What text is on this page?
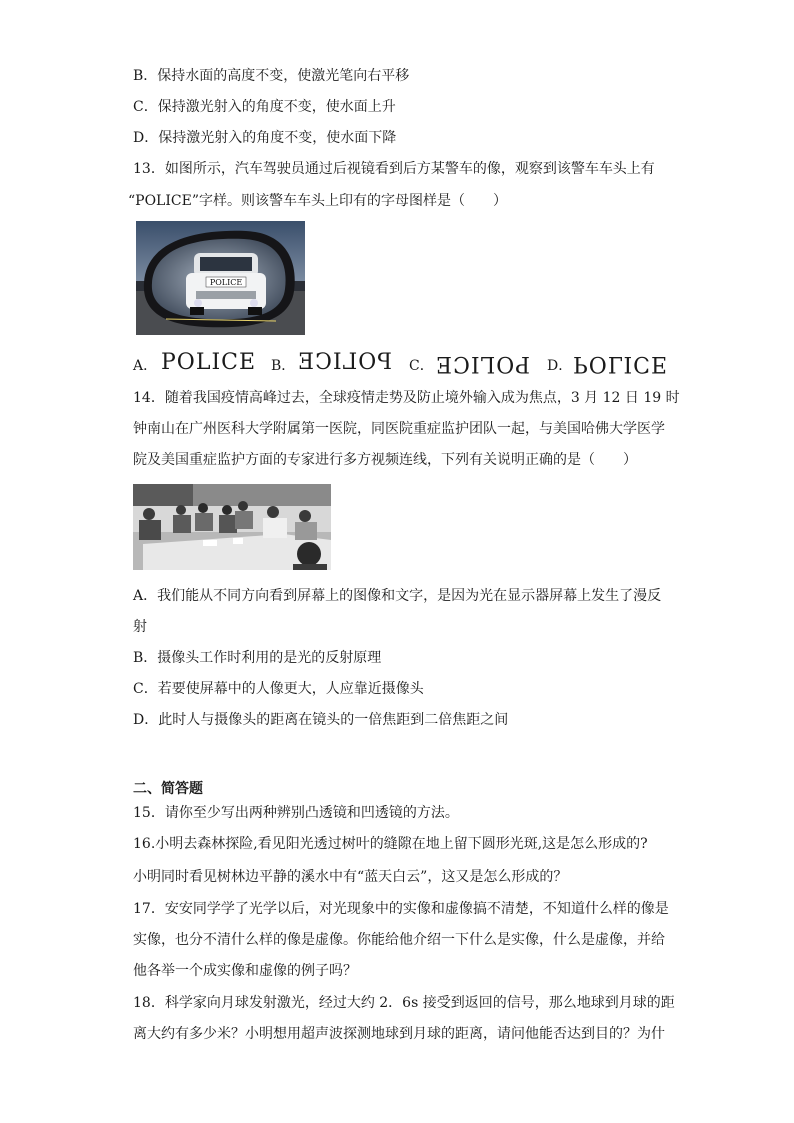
B．保持水面的高度不变，使激光笔向右平移
C．保持激光射入的角度不变，使水面上升
D．保持激光射入的角度不变，使水面下降
13．如图所示，汽车驾驶员通过后视镜看到后方某警车的像，观察到该警车车头上有
“POLICE”字样。则该警车车头上印有的字母图样是（　　）
POLICE
A． POLICE B． POLICE C． POLICE D． POLICE
14．随着我国疫情高峰过去，全球疫情走势及防止境外输入成为焦点，3 月 12 日 19 时
钟南山在广州医科大学附属第一医院，同医院重症监护团队一起，与美国哈佛大学医学
院及美国重症监护方面的专家进行多方视频连线，下列有关说明正确的是（　　）
A．我们能从不同方向看到屏幕上的图像和文字，是因为光在显示器屏幕上发生了漫反
射
B．摄像头工作时利用的是光的反射原理
C．若要使屏幕中的人像更大，人应靠近摄像头
D．此时人与摄像头的距离在镜头的一倍焦距到二倍焦距之间
二、简答题
15．请你至少写出两种辨别凸透镜和凹透镜的方法。
16.小明去森林探险,看见阳光透过树叶的缝隙在地上留下圆形光斑,这是怎么形成的?
小明同时看见树林边平静的溪水中有“蓝天白云”，这又是怎么形成的？
17．安安同学学了光学以后，对光现象中的实像和虚像搞不清楚，不知道什么样的像是
实像，也分不清什么样的像是虚像。你能给他介绍一下什么是实像，什么是虚像，并给
他各举一个成实像和虚像的例子吗？
18．科学家向月球发射激光，经过大约 2．6s 接受到返回的信号，那么地球到月球的距
离大约有多少米？小明想用超声波探测地球到月球的距离，请问他能否达到目的？为什
